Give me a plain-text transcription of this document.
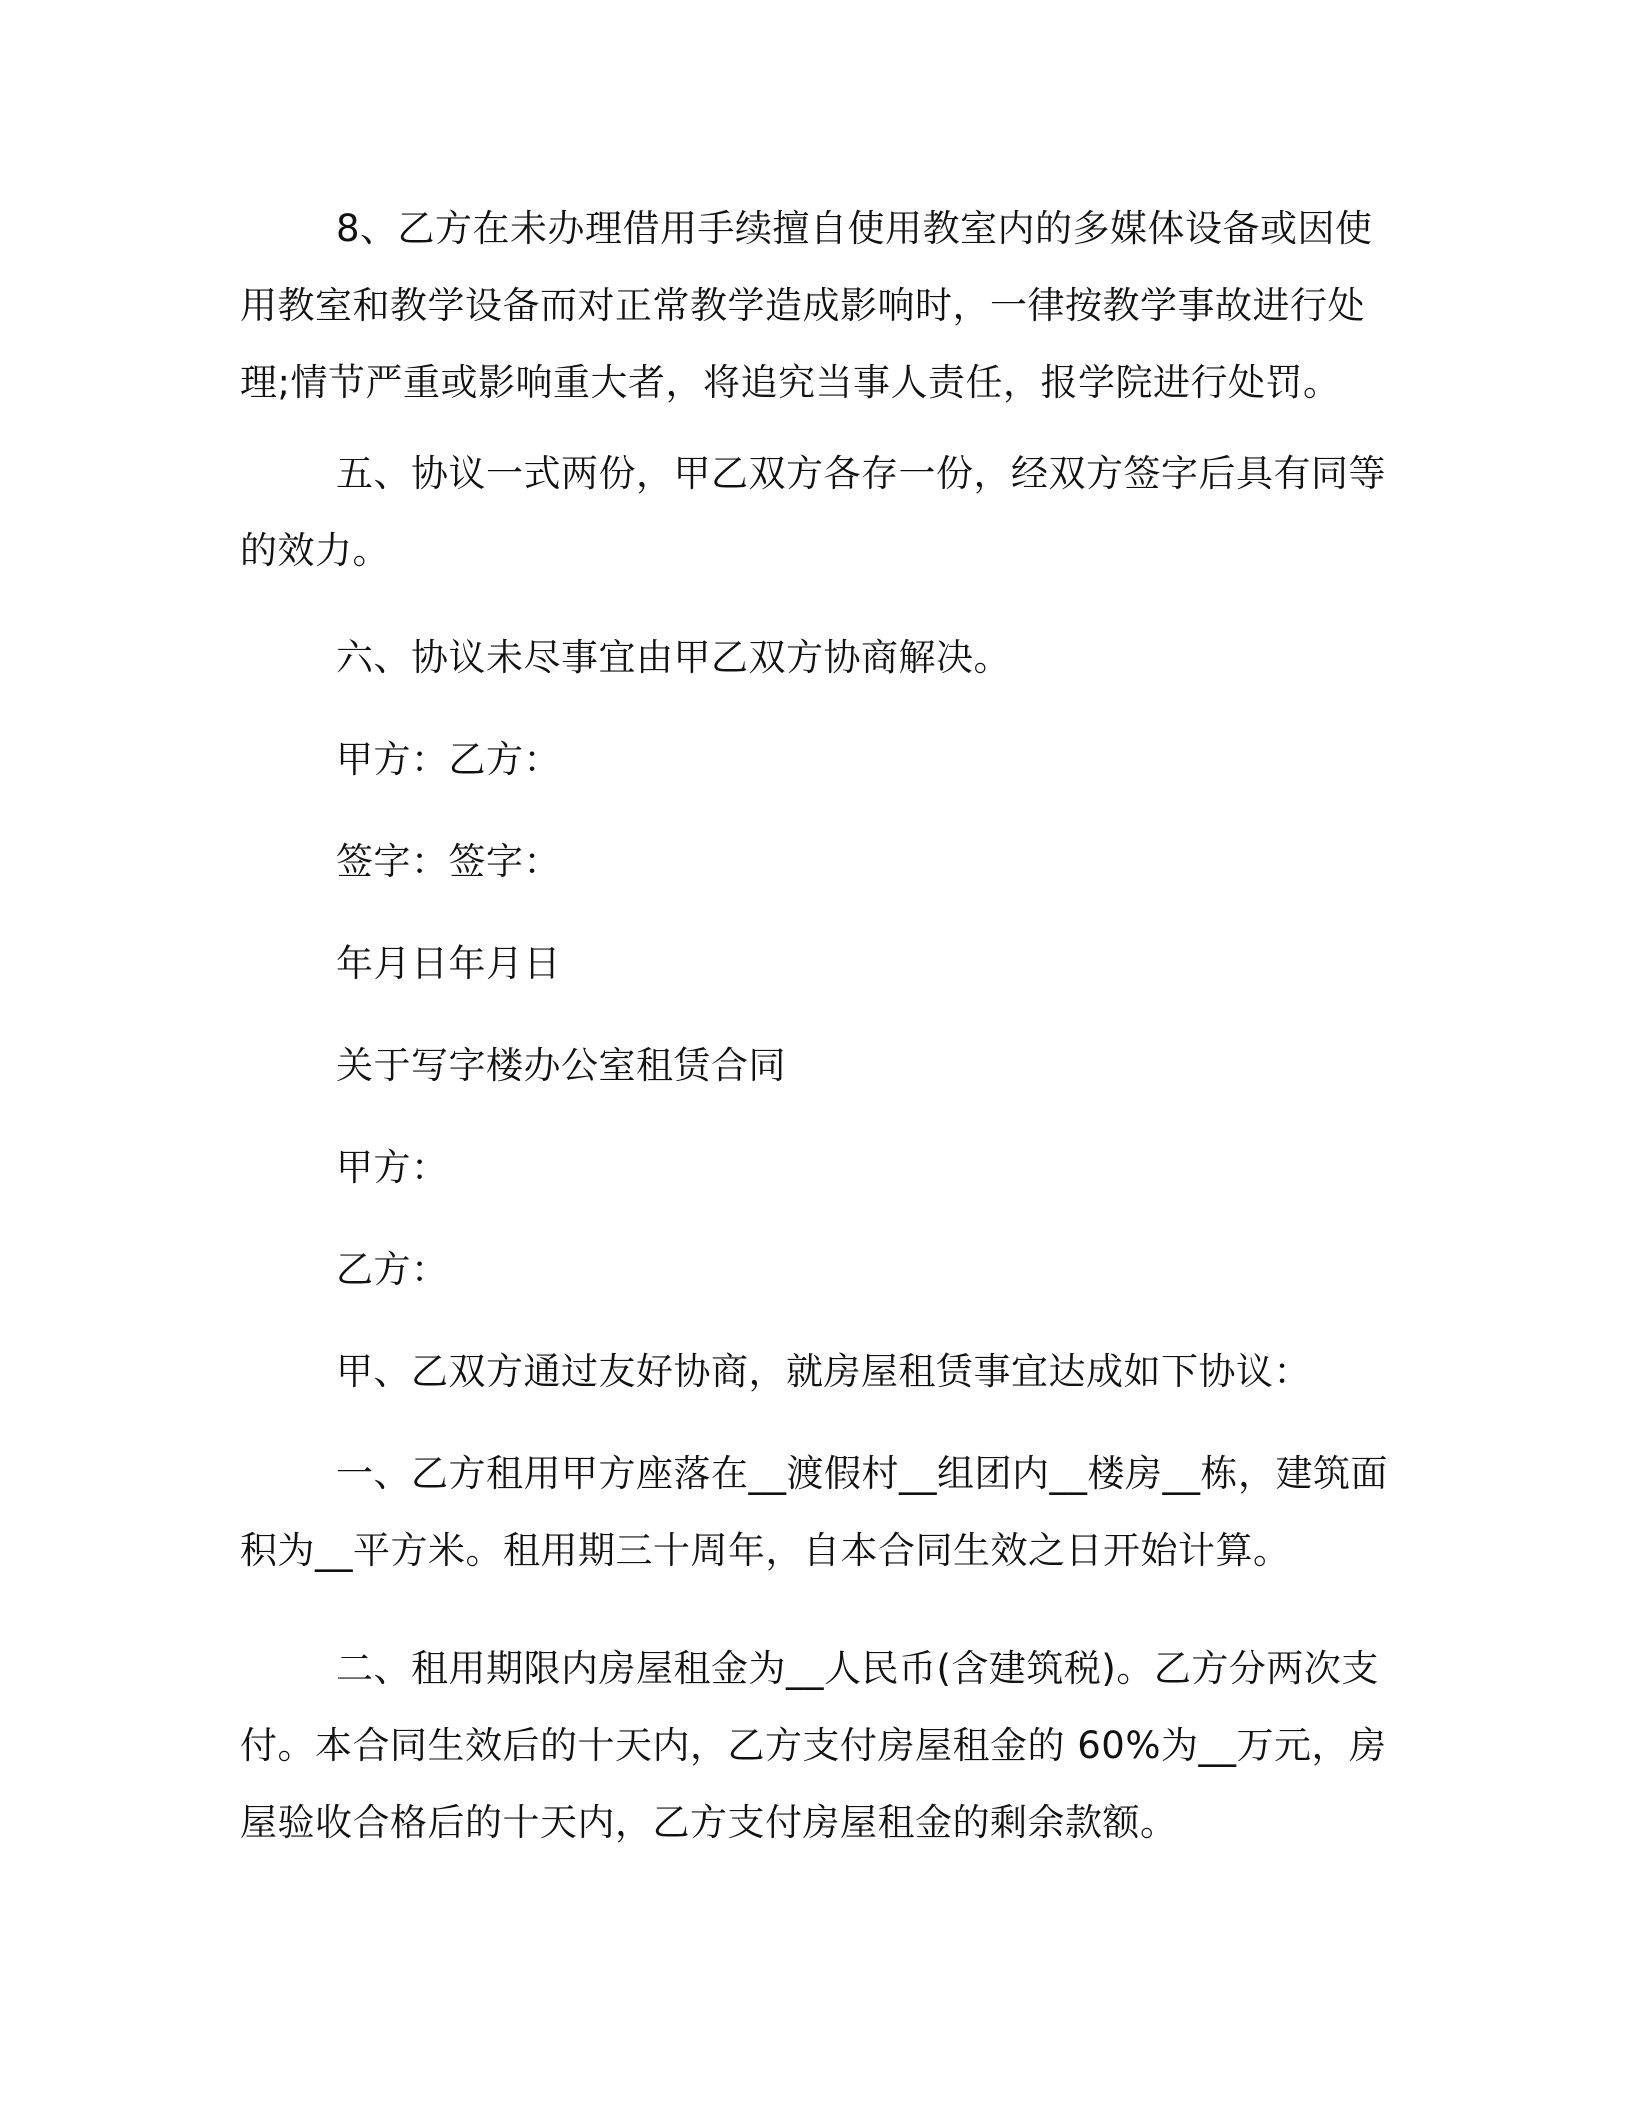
8、乙方在未办理借用手续擅自使用教室内的多媒体设备或因使用教室和教学设备而对正常教学造成影响时，一律按教学事故进行处理;情节严重或影响重大者，将追究当事人责任，报学院进行处罚。

五、协议一式两份，甲乙双方各存一份，经双方签字后具有同等的效力。

六、协议未尽事宜由甲乙双方协商解决。

甲方：乙方：

签字：签字：

年月日年月日

关于写字楼办公室租赁合同

甲方：

乙方：

甲、乙双方通过友好协商，就房屋租赁事宜达成如下协议：

一、乙方租用甲方座落在__渡假村__组团内__楼房__栋，建筑面积为__平方米。租用期三十周年，自本合同生效之日开始计算。

二、租用期限内房屋租金为__人民币(含建筑税)。乙方分两次支付。本合同生效后的十天内，乙方支付房屋租金的 60%为__万元，房屋验收合格后的十天内，乙方支付房屋租金的剩余款额。
